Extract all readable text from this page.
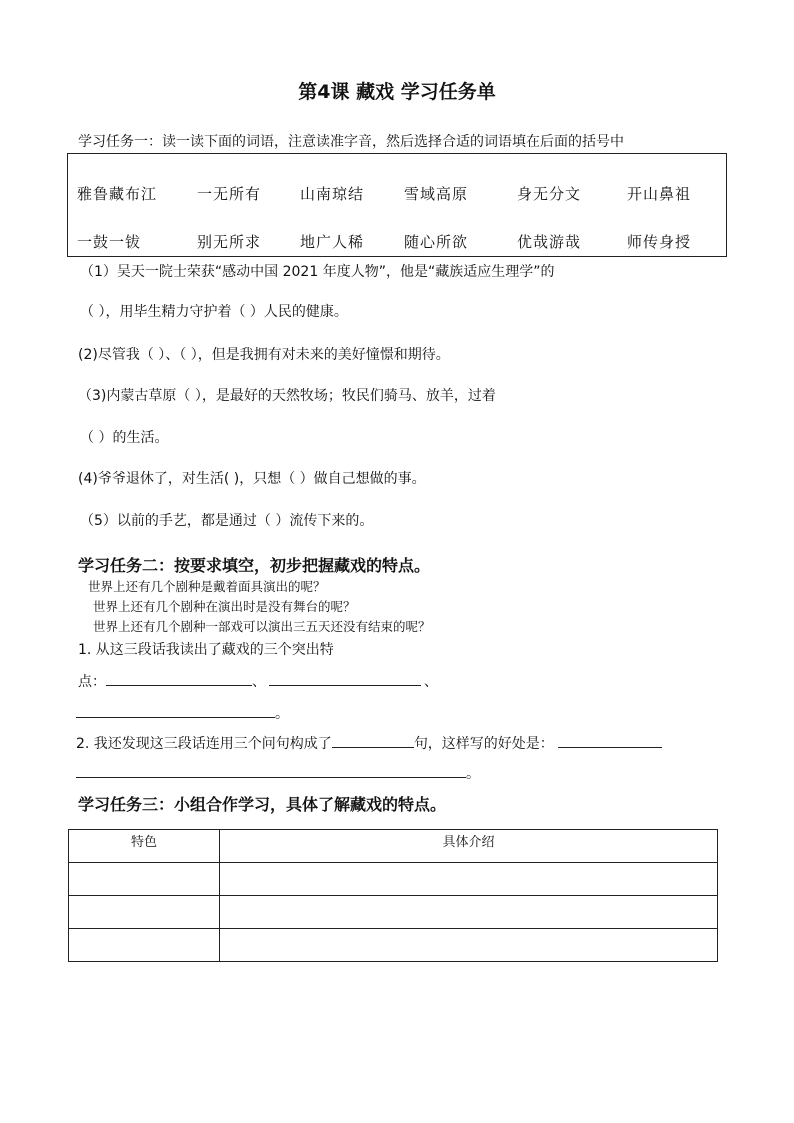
第4课 藏戏 学习任务单
学习任务一：读一读下面的词语，注意读准字音，然后选择合适的词语填在后面的括号中
雅鲁藏布江	一无所有	山南琼结	雪域高原	身无分文	开山鼻祖
一鼓一钹	别无所求	地广人稀	随心所欲	优哉游哉	师传身授
（1）吴天一院士荣获“感动中国 2021 年度人物”，他是“藏族适应生理学”的
（ ），用毕生精力守护着（ ）人民的健康。
(2)尽管我（ ）、（ ），但是我拥有对未来的美好憧憬和期待。
（3)内蒙古草原（ ），是最好的天然牧场；牧民们骑马、放羊，过着
（ ）的生活。
(4)爷爷退休了，对生活( )，只想（ ）做自己想做的事。
（5）以前的手艺，都是通过（ ）流传下来的。
学习任务二：按要求填空，初步把握藏戏的特点。
世界上还有几个剧种是戴着面具演出的呢？
世界上还有几个剧种在演出时是没有舞台的呢？
世界上还有几个剧种一部戏可以演出三五天还没有结束的呢？
1. 从这三段话我读出了藏戏的三个突出特
点：	、	、
。
2. 我还发现这三段话连用三个问句构成了	句，这样写的好处是：
。
学习任务三：小组合作学习，具体了解藏戏的特点。
特色	具体介绍
